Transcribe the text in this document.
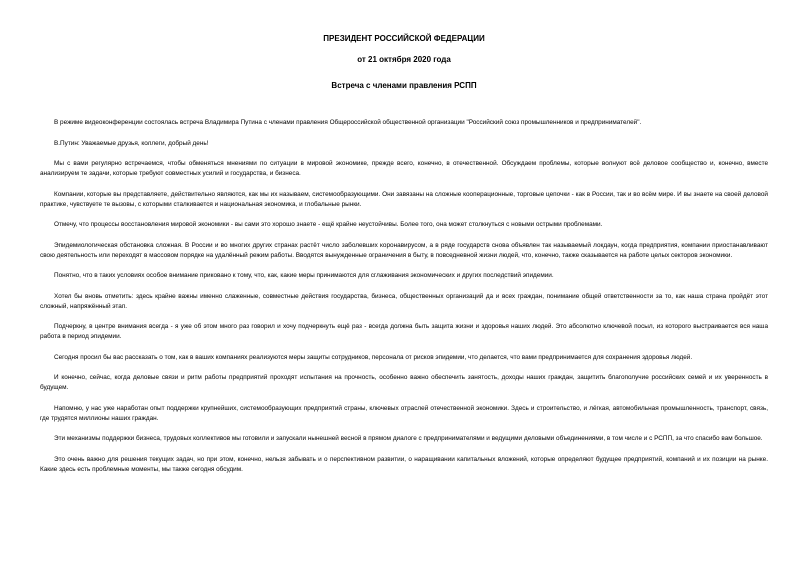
ПРЕЗИДЕНТ РОССИЙСКОЙ ФЕДЕРАЦИИ

от 21 октября 2020 года

Встреча с членами правления РСПП

В режиме видеоконференции состоялась встреча Владимира Путина с членами правления Общероссийской общественной организации "Российский союз промышленников и предпринимателей".

В.Путин: Уважаемые друзья, коллеги, добрый день!

Мы с вами регулярно встречаемся, чтобы обменяться мнениями по ситуации в мировой экономике, прежде всего, конечно, в отечественной. Обсуждаем проблемы, которые волнуют всё деловое сообщество и, конечно, вместе анализируем те задачи, которые требуют совместных усилий и государства, и бизнеса.

Компании, которые вы представляете, действительно являются, как мы их называем, системообразующими. Они завязаны на сложные кооперационные, торговые цепочки - как в России, так и во всём мире. И вы знаете на своей деловой практике, чувствуете те вызовы, с которыми сталкивается и национальная экономика, и глобальные рынки.

Отмечу, что процессы восстановления мировой экономики - вы сами это хорошо знаете - ещё крайне неустойчивы. Более того, она может столкнуться с новыми острыми проблемами.

Эпидемиологическая обстановка сложная. В России и во многих других странах растёт число заболевших коронавирусом, а в ряде государств снова объявлен так называемый локдаун, когда предприятия, компании приостанавливают свою деятельность или переходят в массовом порядке на удалённый режим работы. Вводятся вынужденные ограничения в быту, в повседневной жизни людей, что, конечно, также сказывается на работе целых секторов экономики.

Понятно, что в таких условиях особое внимание приковано к тому, что, как, какие меры принимаются для сглаживания экономических и других последствий эпидемии.

Хотел бы вновь отметить: здесь крайне важны именно слаженные, совместные действия государства, бизнеса, общественных организаций да и всех граждан, понимание общей ответственности за то, как наша страна пройдёт этот сложный, напряжённый этап.

Подчеркну, в центре внимания всегда - я уже об этом много раз говорил и хочу подчеркнуть ещё раз - всегда должна быть защита жизни и здоровья наших людей. Это абсолютно ключевой посыл, из которого выстраивается вся наша работа в период эпидемии.

Сегодня просил бы вас рассказать о том, как в ваших компаниях реализуются меры защиты сотрудников, персонала от рисков эпидемии, что делается, что вами предпринимается для сохранения здоровья людей.

И конечно, сейчас, когда деловые связи и ритм работы предприятий проходят испытания на прочность, особенно важно обеспечить занятость, доходы наших граждан, защитить благополучие российских семей и их уверенность в будущем.

Напомню, у нас уже наработан опыт поддержки крупнейших, системообразующих предприятий страны, ключевых отраслей отечественной экономики. Здесь и строительство, и лёгкая, автомобильная промышленность, транспорт, связь, где трудятся миллионы наших граждан.

Эти механизмы поддержки бизнеса, трудовых коллективов мы готовили и запускали нынешней весной в прямом диалоге с предпринимателями и ведущими деловыми объединениями, в том числе и с РСПП, за что спасибо вам большое.

Это очень важно для решения текущих задач, но при этом, конечно, нельзя забывать и о перспективном развитии, о наращивании капитальных вложений, которые определяют будущее предприятий, компаний и их позиции на рынке. Какие здесь есть проблемные моменты, мы также сегодня обсудим.
